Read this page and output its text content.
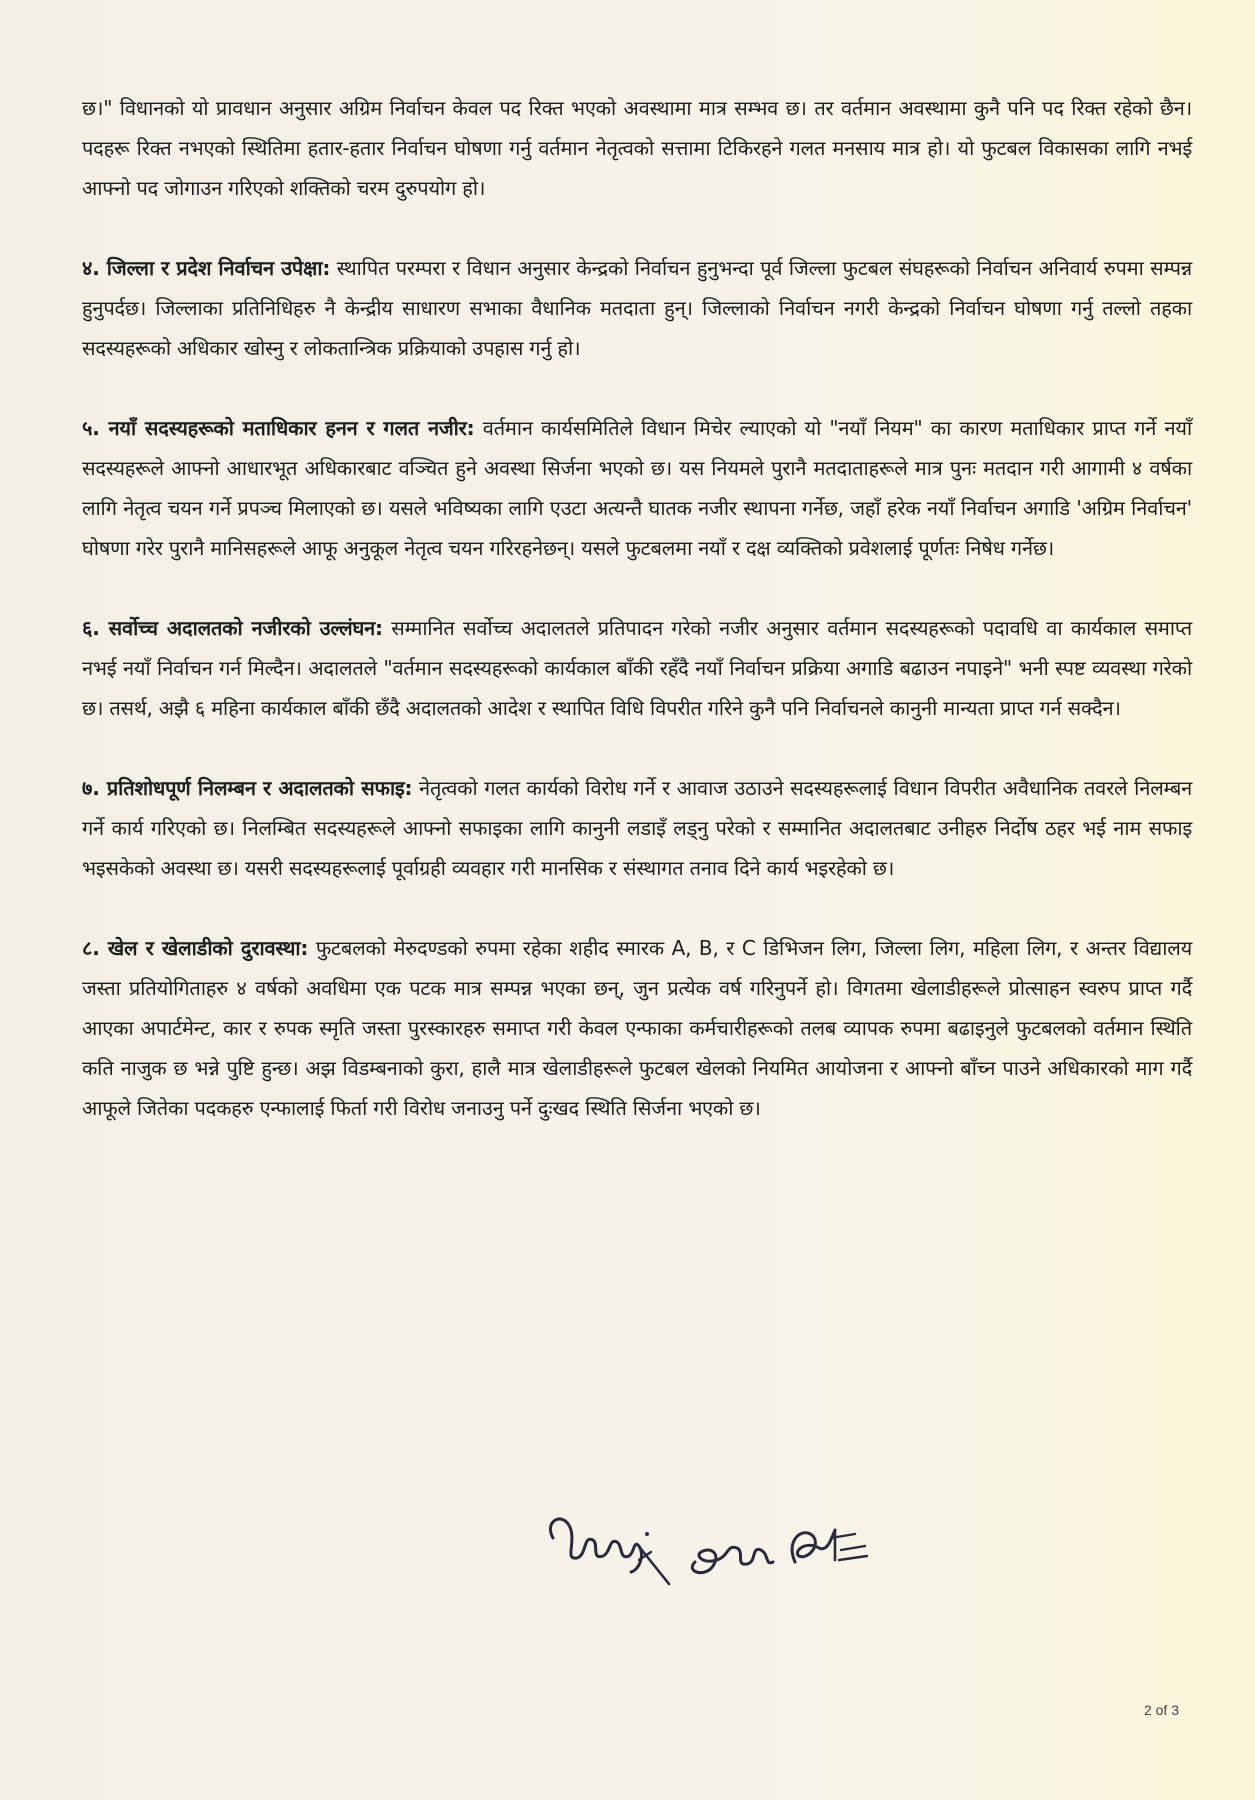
छ।" विधानको यो प्रावधान अनुसार अग्रिम निर्वाचन केवल पद रिक्त भएको अवस्थामा मात्र सम्भव छ। तर वर्तमान अवस्थामा कुनै पनि पद रिक्त रहेको छैन। पदहरू रिक्त नभएको स्थितिमा हतार-हतार निर्वाचन घोषणा गर्नु वर्तमान नेतृत्वको सत्तामा टिकिरहने गलत मनसाय मात्र हो। यो फुटबल विकासका लागि नभई आफ्नो पद जोगाउन गरिएको शक्तिको चरम दुरुपयोग हो।

४. जिल्ला र प्रदेश निर्वाचन उपेक्षा: स्थापित परम्परा र विधान अनुसार केन्द्रको निर्वाचन हुनुभन्दा पूर्व जिल्ला फुटबल संघहरूको निर्वाचन अनिवार्य रुपमा सम्पन्न हुनुपर्दछ। जिल्लाका प्रतिनिधिहरु नै केन्द्रीय साधारण सभाका वैधानिक मतदाता हुन्। जिल्लाको निर्वाचन नगरी केन्द्रको निर्वाचन घोषणा गर्नु तल्लो तहका सदस्यहरूको अधिकार खोस्नु र लोकतान्त्रिक प्रक्रियाको उपहास गर्नु हो।

५. नयाँ सदस्यहरूको मताधिकार हनन र गलत नजीर: वर्तमान कार्यसमितिले विधान मिचेर ल्याएको यो "नयाँ नियम" का कारण मताधिकार प्राप्त गर्ने नयाँ सदस्यहरूले आफ्नो आधारभूत अधिकारबाट वञ्चित हुने अवस्था सिर्जना भएको छ। यस नियमले पुरानै मतदाताहरूले मात्र पुनः मतदान गरी आगामी ४ वर्षका लागि नेतृत्व चयन गर्ने प्रपञ्च मिलाएको छ। यसले भविष्यका लागि एउटा अत्यन्तै घातक नजीर स्थापना गर्नेछ, जहाँ हरेक नयाँ निर्वाचन अगाडि 'अग्रिम निर्वाचन' घोषणा गरेर पुरानै मानिसहरूले आफू अनुकूल नेतृत्व चयन गरिरहनेछन्। यसले फुटबलमा नयाँ र दक्ष व्यक्तिको प्रवेशलाई पूर्णतः निषेध गर्नेछ।

६. सर्वोच्च अदालतको नजीरको उल्लंघन: सम्मानित सर्वोच्च अदालतले प्रतिपादन गरेको नजीर अनुसार वर्तमान सदस्यहरूको पदावधि वा कार्यकाल समाप्त नभई नयाँ निर्वाचन गर्न मिल्दैन। अदालतले "वर्तमान सदस्यहरूको कार्यकाल बाँकी रहँदै नयाँ निर्वाचन प्रक्रिया अगाडि बढाउन नपाइने" भनी स्पष्ट व्यवस्था गरेको छ। तसर्थ, अझै ६ महिना कार्यकाल बाँकी छँदै अदालतको आदेश र स्थापित विधि विपरीत गरिने कुनै पनि निर्वाचनले कानुनी मान्यता प्राप्त गर्न सक्दैन।

७. प्रतिशोधपूर्ण निलम्बन र अदालतको सफाइ: नेतृत्वको गलत कार्यको विरोध गर्ने र आवाज उठाउने सदस्यहरूलाई विधान विपरीत अवैधानिक तवरले निलम्बन गर्ने कार्य गरिएको छ। निलम्बित सदस्यहरूले आफ्नो सफाइका लागि कानुनी लडाइँ लड्नु परेको र सम्मानित अदालतबाट उनीहरु निर्दोष ठहर भई नाम सफाइ भइसकेको अवस्था छ। यसरी सदस्यहरूलाई पूर्वाग्रही व्यवहार गरी मानसिक र संस्थागत तनाव दिने कार्य भइरहेको छ।

८. खेल र खेलाडीको दुरावस्था: फुटबलको मेरुदण्डको रुपमा रहेका शहीद स्मारक A, B, र C डिभिजन लिग, जिल्ला लिग, महिला लिग, र अन्तर विद्यालय जस्ता प्रतियोगिताहरु ४ वर्षको अवधिमा एक पटक मात्र सम्पन्न भएका छन्, जुन प्रत्येक वर्ष गरिनुपर्ने हो। विगतमा खेलाडीहरूले प्रोत्साहन स्वरुप प्राप्त गर्दै आएका अपार्टमेन्ट, कार र रुपक स्मृति जस्ता पुरस्कारहरु समाप्त गरी केवल एन्फाका कर्मचारीहरूको तलब व्यापक रुपमा बढाइनुले फुटबलको वर्तमान स्थिति कति नाजुक छ भन्ने पुष्टि हुन्छ। अझ विडम्बनाको कुरा, हालै मात्र खेलाडीहरूले फुटबल खेलको नियमित आयोजना र आफ्नो बाँच्न पाउने अधिकारको माग गर्दै आफूले जितेका पदकहरु एन्फालाई फिर्ता गरी विरोध जनाउनु पर्ने दुःखद स्थिति सिर्जना भएको छ।

2 of 3
